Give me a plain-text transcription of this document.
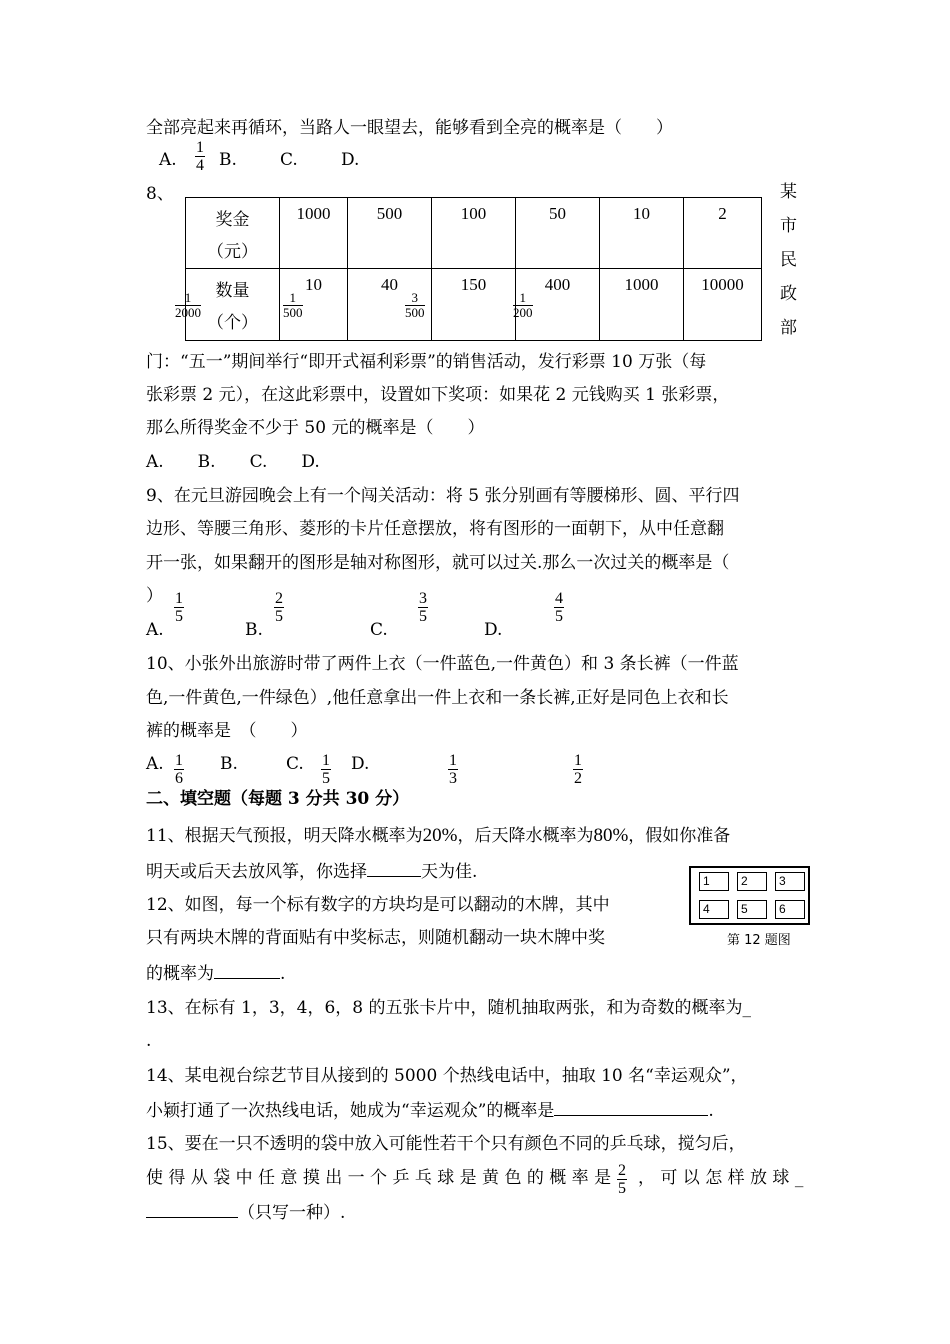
全部亮起来再循环，当路人一眼望去，能够看到全亮的概率是（　　）
A. $\frac{1}{4} B$.	C.	D.
8、	某
市
民
政
部
奖金
（元）	1000	500	100	50	10	2
数量
（个）	10	40	150	400	1000	10000
$\frac{1}{2000}$	$\frac{1}{500}$	$\frac{3}{500}$	$\frac{1}{200}$
门：“五一”期间举行“即开式福利彩票”的销售活动，发行彩票 10 万张（每
张彩票 2 元），在这此彩票中，设置如下奖项：如果花 2 元钱购买 1 张彩票，
那么所得奖金不少于 50 元的概率是（　　）
A.　　B.　　C.　　D.
9、在元旦游园晚会上有一个闯关活动：将 5 张分别画有等腰梯形、圆、平行四
边形、等腰三角形、菱形的卡片任意摆放，将有图形的一面朝下，从中任意翻
开一张，如果翻开的图形是轴对称图形，就可以过关.那么一次过关的概率是（
）
A.
$\frac{1}{5}$
B.
$\frac{2}{5}$
C.
$\frac{3}{5}$
D.
$\frac{4}{5}$
10、小张外出旅游时带了两件上衣（一件蓝色,一件黄色）和 3 条长裤（一件蓝
色,一件黄色,一件绿色）,他任意拿出一件上衣和一条长裤,正好是同色上衣和长
裤的概率是　（　　）
A. $\frac{1}{6} B$.	C. $\frac{1}{5} D$.	$\frac{1}{3}$	$\frac{1}{2}$
二、填空题（每题 3 分共 30 分）
11、根据天气预报，明天降水概率为20%，后天降水概率为80%，假如你准备
明天或后天去放风筝，你选择	天为佳.
12、如图，每一个标有数字的方块均是可以翻动的木牌，其中
只有两块木牌的背面贴有中奖标志，则随机翻动一块木牌中奖
的概率为	.
1	2	3
4	5	6
第 12 题图
13、在标有 1，3，4，6，8 的五张卡片中，随机抽取两张，和为奇数的概率为_
.
14、某电视台综艺节目从接到的 5000 个热线电话中，抽取 10 名“幸运观众”，
小颖打通了一次热线电话，她成为“幸运观众”的概率是	.
15、要在一只不透明的袋中放入可能性若干个只有颜色不同的乒乓球，搅匀后，
使 得 从 袋 中 任 意 摸 出 一 个 乒 乓 球 是 黄 色 的 概 率 是 $\frac{2}{5}$ ， 可 以 怎 样 放 球 _
（只写一种）.
